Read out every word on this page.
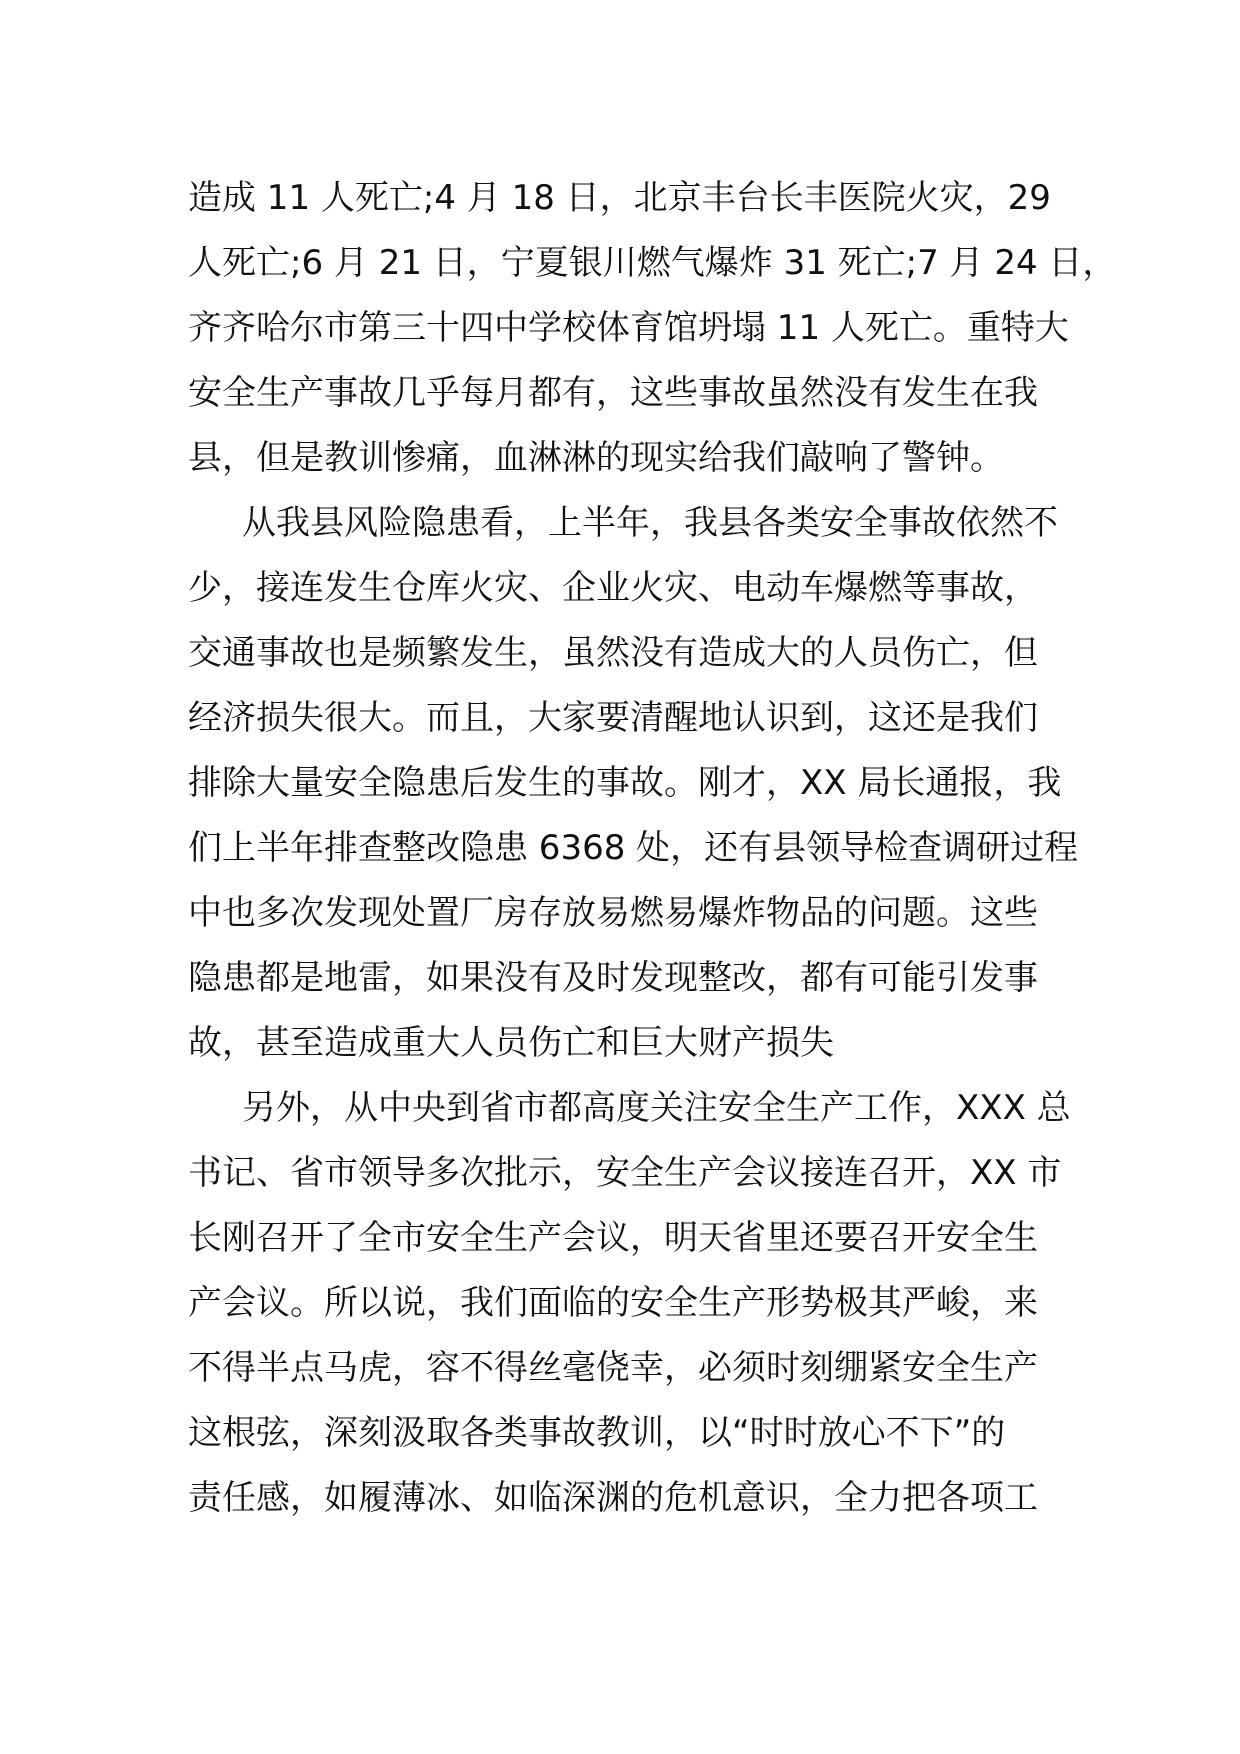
造成 11 人死亡;4 月 18 日，北京丰台长丰医院火灾，29
人死亡;6 月 21 日，宁夏银川燃气爆炸 31 死亡;7 月 24 日，
齐齐哈尔市第三十四中学校体育馆坍塌 11 人死亡。重特大
安全生产事故几乎每月都有，这些事故虽然没有发生在我
县，但是教训惨痛，血淋淋的现实给我们敲响了警钟。
从我县风险隐患看，上半年，我县各类安全事故依然不
少，接连发生仓库火灾、企业火灾、电动车爆燃等事故，
交通事故也是频繁发生，虽然没有造成大的人员伤亡，但
经济损失很大。而且，大家要清醒地认识到，这还是我们
排除大量安全隐患后发生的事故。刚才，XX 局长通报，我
们上半年排查整改隐患 6368 处，还有县领导检查调研过程
中也多次发现处置厂房存放易燃易爆炸物品的问题。这些
隐患都是地雷，如果没有及时发现整改，都有可能引发事
故，甚至造成重大人员伤亡和巨大财产损失
另外，从中央到省市都高度关注安全生产工作，XXX 总
书记、省市领导多次批示，安全生产会议接连召开，XX 市
长刚召开了全市安全生产会议，明天省里还要召开安全生
产会议。所以说，我们面临的安全生产形势极其严峻，来
不得半点马虎，容不得丝毫侥幸，必须时刻绷紧安全生产
这根弦，深刻汲取各类事故教训，以“时时放心不下”的
责任感，如履薄冰、如临深渊的危机意识，全力把各项工
